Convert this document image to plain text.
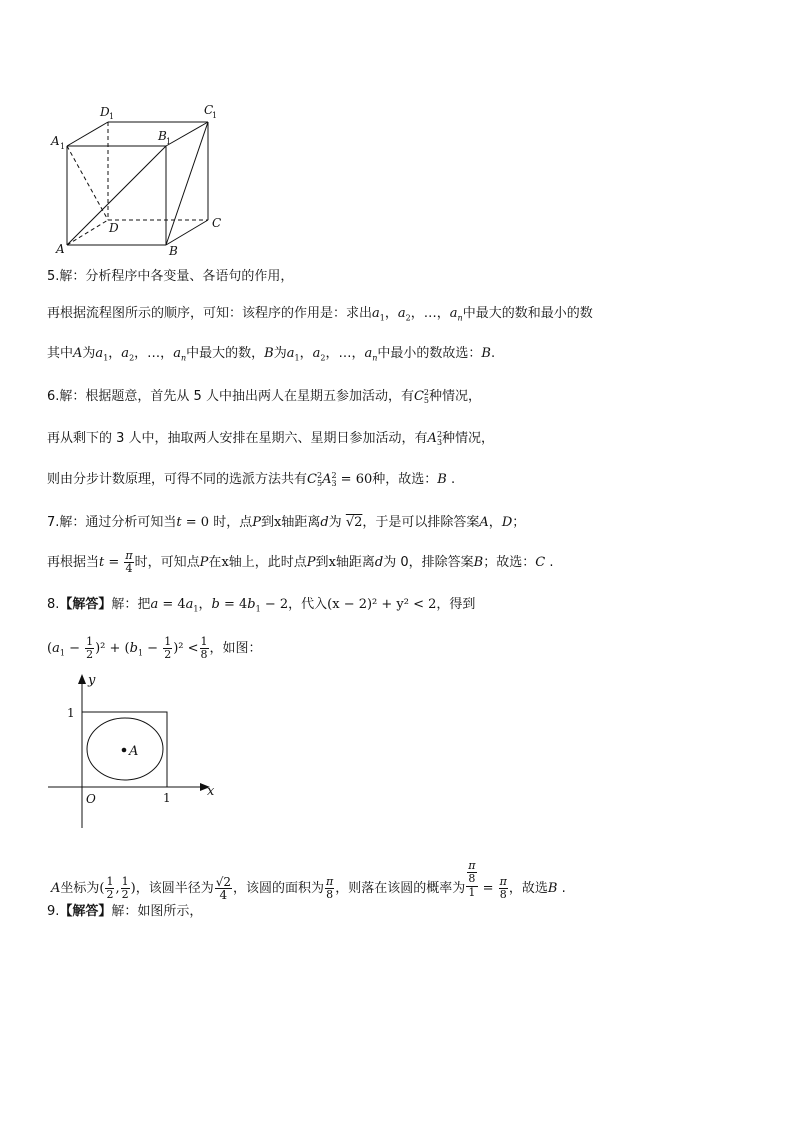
D 1	C
1
A 1
B 1
D	C
A	B
5.解：分析程序中各变量、各语句的作用，
再根据流程图所示的顺序，可知：该程序的作用是：求出$a_1$，$a_2$，…，$a_n$中最大的数和最小的数
其中A为$a_1$，$a_2$，…，$a_n$中最大的数，B为$a_1$，$a_2$，…，$a_n$中最小的数故选：B.
6.解：根据题意，首先从 5 人中抽出两人在星期五参加活动，有C 2
5 种情况，
再从剩下的 3 人中，抽取两人安排在星期六、星期日参加活动，有A 2
3 种情况，
则由分步计数原理，可得不同的选派方法共有C 2
5 A 2
3 = 60种，故选：B .
7.解：通过分析可知当t = 0 时，点P到x轴距离d为 √2，于是可以排除答案A，D；
再根据当$t = \frac{\pi}{4}$ 时，可知点P在x轴上，此时点P到x轴距离d为 0，排除答案B；故选：C .
8.【解答】解：把$a = 4a_1$，$b = 4b_1 - 2$，代入(x − 2)² + y² < 2，得到
$(a_1 - \frac{1}{2} )^2 + (b_1 - \frac{1}{2} )^2 < \frac{1}{8}$ ，如图：
y
x
O
1
1
A
A坐标为( $\frac{1}{2}$ , $\frac{1}{2}$ )，该圆半径为 $\frac{√2}{4}$ ，该圆的面积为 $\frac{\pi}{8}$ ，则落在该圆的概率为 $\frac{\frac{\pi}{8}}{1} = \frac{\pi}{8}$ ，故选B .
9.【解答】解：如图所示，
